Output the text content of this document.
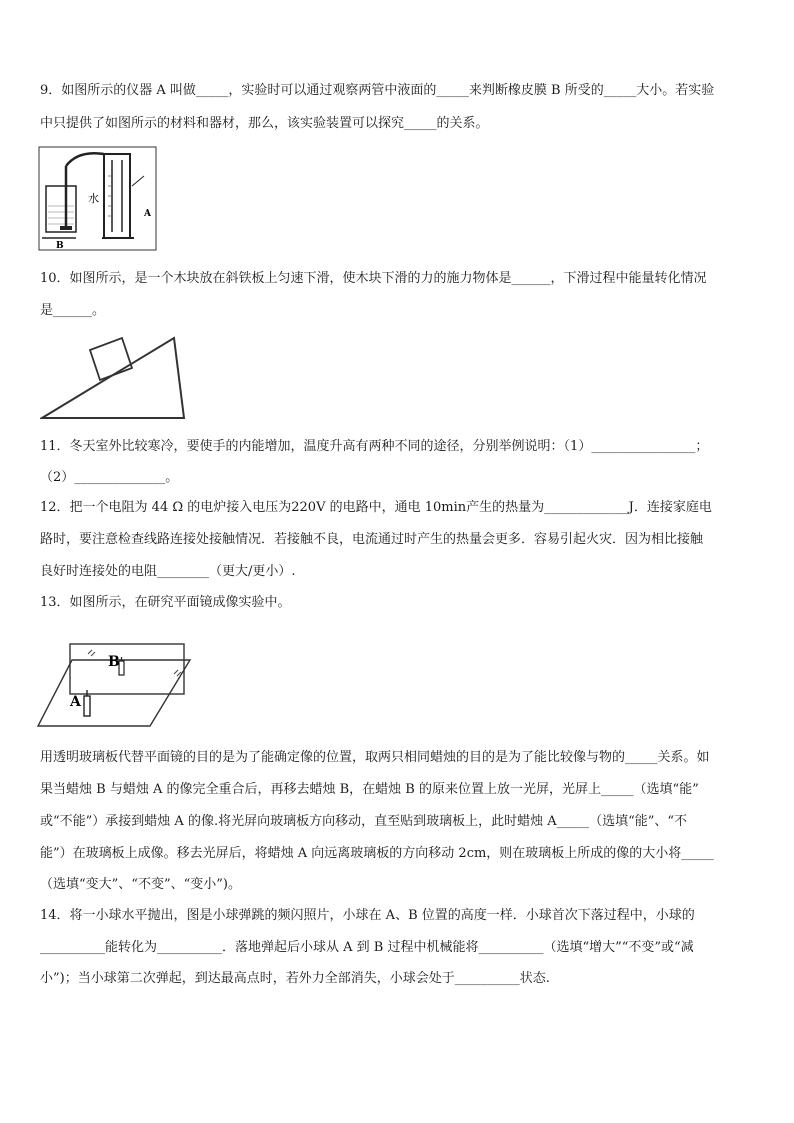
9．如图所示的仪器 A 叫做_____，实验时可以通过观察两管中液面的_____来判断橡皮膜 B 所受的_____大小。若实验
中只提供了如图所示的材料和器材，那么，该实验装置可以探究_____的关系。
水
A
B
10．如图所示，是一个木块放在斜铁板上匀速下滑，使木块下滑的力的施力物体是______，下滑过程中能量转化情况
是______。
11．冬天室外比较寒冷，要使手的内能增加，温度升高有两种不同的途径，分别举例说明：（1）________________；
（2）______________。
12．把一个电阻为 44 Ω 的电炉接入电压为220V 的电路中，通电 10min产生的热量为_____________J．连接家庭电
路时，要注意检查线路连接处接触情况．若接触不良，电流通过时产生的热量会更多．容易引起火灾．因为相比接触
良好时连接处的电阻________（更大/更小）.
13．如图所示，在研究平面镜成像实验中。
B
A
用透明玻璃板代替平面镜的目的是为了能确定像的位置，取两只相同蜡烛的目的是为了能比较像与物的_____关系。如
果当蜡烛 B 与蜡烛 A 的像完全重合后，再移去蜡烛 B，在蜡烛 B 的原来位置上放一光屏，光屏上_____（选填“能”
或“不能”）承接到蜡烛 A 的像.将光屏向玻璃板方向移动，直至贴到玻璃板上，此时蜡烛 A_____（选填“能”、“不
能”）在玻璃板上成像。移去光屏后，将蜡烛 A 向远离玻璃板的方向移动 2cm，则在玻璃板上所成的像的大小将_____
（选填“变大”、“不变”、“变小”)。
14．将一小球水平抛出，图是小球弹跳的频闪照片，小球在 A、B 位置的高度一样．小球首次下落过程中，小球的
__________能转化为__________．落地弹起后小球从 A 到 B 过程中机械能将__________（选填“增大”“不变”或“减
小”)；当小球第二次弹起，到达最高点时，若外力全部消失，小球会处于__________状态.
